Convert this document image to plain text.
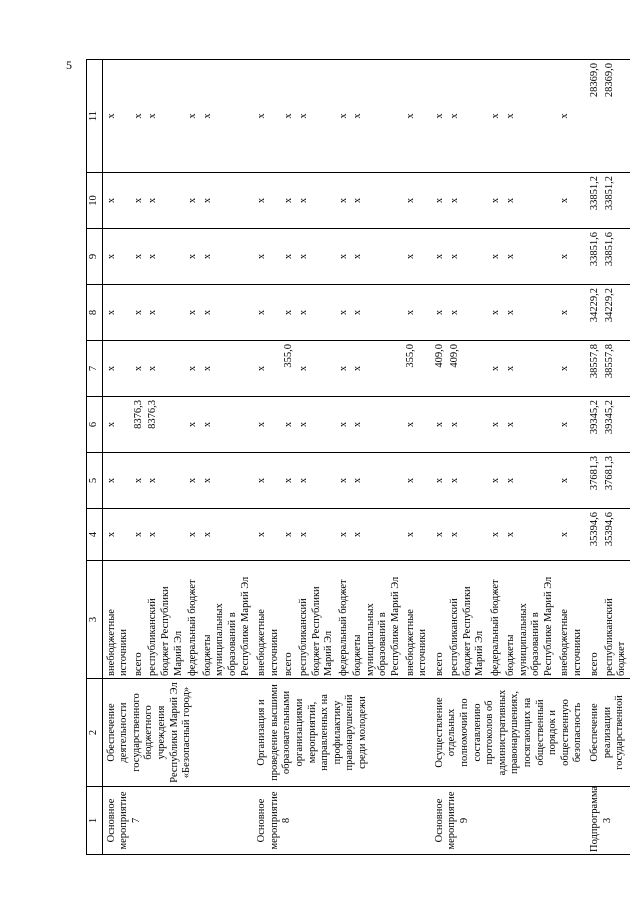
5
1	2	3	4	5	6	7	8	9	10	11
Основное мероприятие 7	Обеспечение деятельности государственного бюджетного учреждения Республики Марий Эл «Безопасный город»	внебюджетные источники	x	x	x	x	x	x	x	x
		всего	x	x	8376,3	x	x	x	x	x
		республиканский бюджет Республики Марий Эл	x	x	8376,3	x	x	x	x	x
		федеральный бюджет	x	x	x	x	x	x	x	x
		бюджеты муниципальных образований в Республике Марий Эл	x	x	x	x	x	x	x	x
Основное мероприятие 8	Организация и проведение высшими образовательными организациями мероприятий, направленных на профилактику правонарушений среди молодежи	внебюджетные источники	x	x	x	x	x	x	x	x
		всего	x	x	x	355,0	x	x	x	x
		республиканский бюджет Республики Марий Эл	x	x	x	x	x	x	x	x
		федеральный бюджет	x	x	x	x	x	x	x	x
		бюджеты муниципальных образований в Республике Марий Эл	x	x	x	x	x	x	x	x
		внебюджетные источники	x	x	x	355,0	x	x	x	x
Основное мероприятие 9	Осуществление отдельных полномочий по составлению протоколов об административных правонарушениях, посягающих на общественный порядок и общественную безопасность	всего	x	x	x	409,0	x	x	x	x
		республиканский бюджет Республики Марий Эл	x	x	x	409,0	x	x	x	x
		федеральный бюджет	x	x	x	x	x	x	x	x
		бюджеты муниципальных образований в Республике Марий Эл	x	x	x	x	x	x	x	x
		внебюджетные источники	x	x	x	x	x	x	x	x
Подпрограмма 3	Обеспечение реализации государственной	всего	35394,6	37681,3	39345,2	38557,8	34229,2	33851,6	33851,2	28369,0
		республиканский бюджет	35394,6	37681,3	39345,2	38557,8	34229,2	33851,6	33851,2	28369,0
